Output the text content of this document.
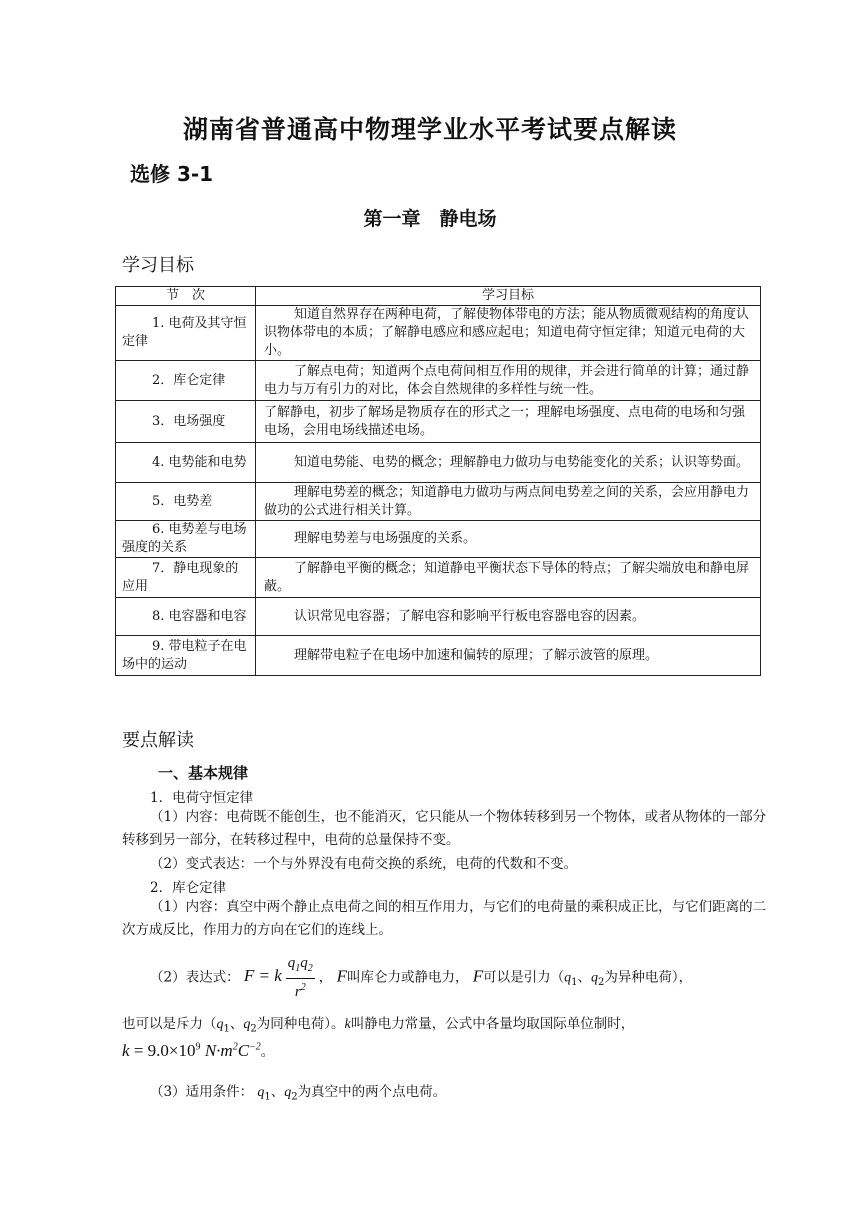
湖南省普通高中物理学业水平考试要点解读
选修 3-1
第一章　静电场
学习目标
节　次	学习目标
1. 电荷及其守恒定律	知道自然界存在两种电荷，了解使物体带电的方法；能从物质微观结构的角度认识物体带电的本质；了解静电感应和感应起电；知道电荷守恒定律；知道元电荷的大小。
2．库仑定律	了解点电荷；知道两个点电荷间相互作用的规律，并会进行简单的计算；通过静电力与万有引力的对比，体会自然规律的多样性与统一性。
3．电场强度	了解静电，初步了解场是物质存在的形式之一；理解电场强度、点电荷的电场和匀强电场，会用电场线描述电场。
4. 电势能和电势	知道电势能、电势的概念；理解静电力做功与电势能变化的关系；认识等势面。
5．电势差	理解电势差的概念；知道静电力做功与两点间电势差之间的关系，会应用静电力做功的公式进行相关计算。
6. 电势差与电场强度的关系	理解电势差与电场强度的关系。
7．静电现象的应用	了解静电平衡的概念；知道静电平衡状态下导体的特点；了解尖端放电和静电屏蔽。
8. 电容器和电容	认识常见电容器；了解电容和影响平行板电容器电容的因素。
9. 带电粒子在电场中的运动	理解带电粒子在电场中加速和偏转的原理；了解示波管的原理。
要点解读
一、基本规律
1．电荷守恒定律
（1）内容：电荷既不能创生，也不能消灭，它只能从一个物体转移到另一个物体，或者从物体的一部分转移到另一部分，在转移过程中，电荷的总量保持不变。
（2）变式表达：一个与外界没有电荷交换的系统，电荷的代数和不变。
2．库仑定律
（1）内容：真空中两个静止点电荷之间的相互作用力，与它们的电荷量的乘积成正比，与它们距离的二次方成反比，作用力的方向在它们的连线上。
（2）表达式： F = k $\frac{q_1q_2}{r^2}$ ， F叫库仑力或静电力， F可以是引力（$q_1$、$q_2$为异种电荷），
也可以是斥力（$q_1$、$q_2$为同种电荷）。k叫静电力常量，公式中各量均取国际单位制时，
$k = 9.0\times 10^9$ $N\cdot m^2C^{-2}$。
（3）适用条件： $q_1$、$q_2$为真空中的两个点电荷。
